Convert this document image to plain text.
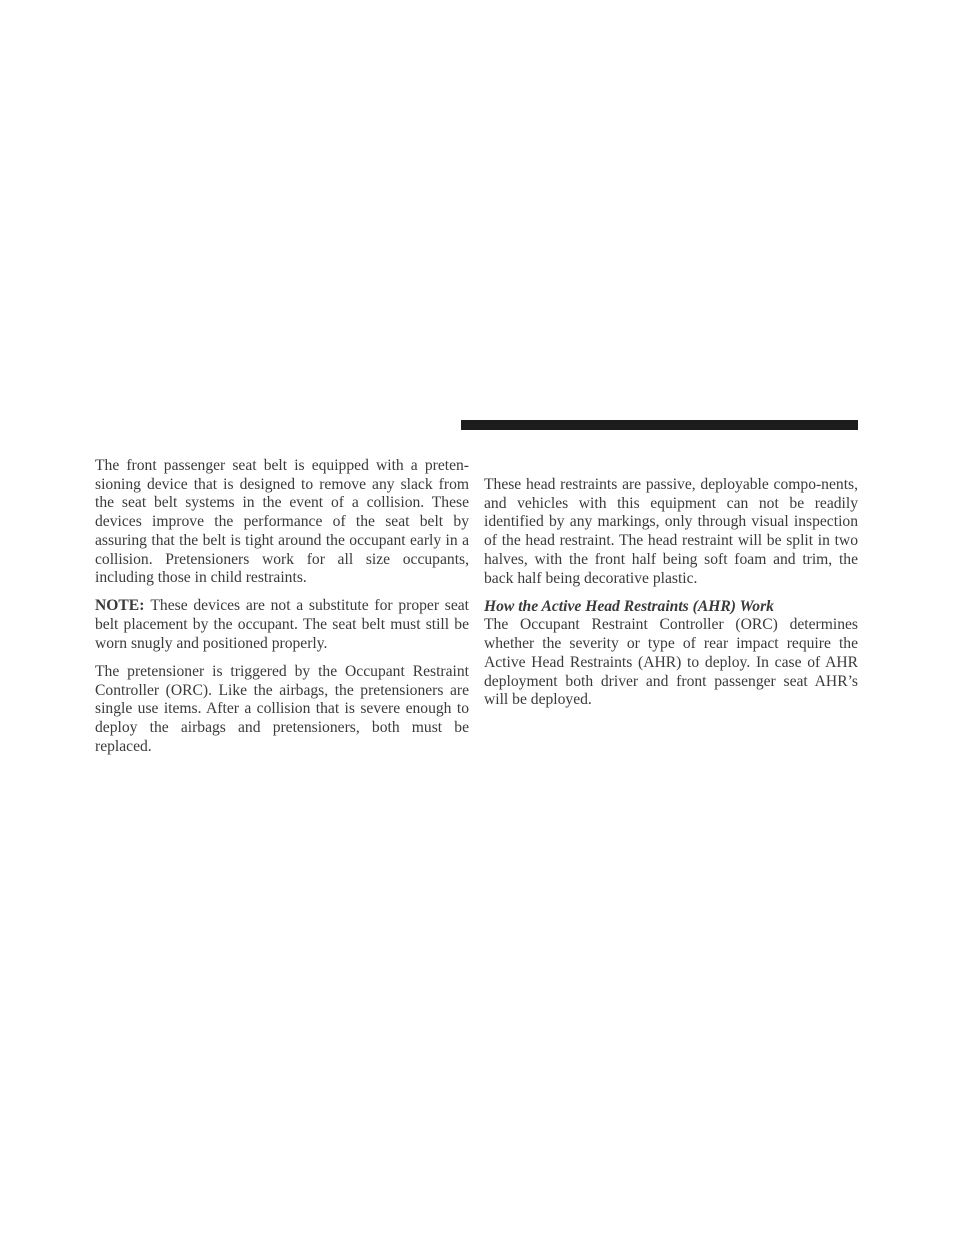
The front passenger seat belt is equipped with a preten-sioning device that is designed to remove any slack from the seat belt systems in the event of a collision. These devices improve the performance of the seat belt by assuring that the belt is tight around the occupant early in a collision. Pretensioners work for all size occupants, including those in child restraints.

NOTE: These devices are not a substitute for proper seat belt placement by the occupant. The seat belt must still be worn snugly and positioned properly.

The pretensioner is triggered by the Occupant Restraint Controller (ORC). Like the airbags, the pretensioners are single use items. After a collision that is severe enough to deploy the airbags and pretensioners, both must be replaced.

These head restraints are passive, deployable compo-nents, and vehicles with this equipment can not be readily identified by any markings, only through visual inspection of the head restraint. The head restraint will be split in two halves, with the front half being soft foam and trim, the back half being decorative plastic.

How the Active Head Restraints (AHR) Work

The Occupant Restraint Controller (ORC) determines whether the severity or type of rear impact require the Active Head Restraints (AHR) to deploy. In case of AHR deployment both driver and front passenger seat AHR’s will be deployed.
